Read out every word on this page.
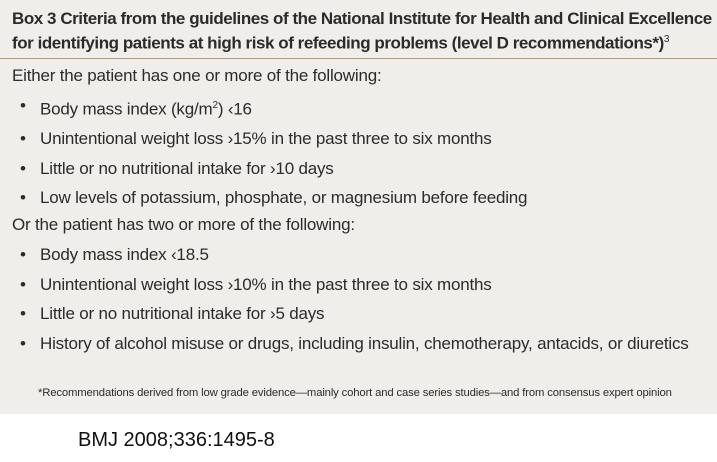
Box 3 Criteria from the guidelines of the National Institute for Health and Clinical Excellence for identifying patients at high risk of refeeding problems (level D recommendations*)$^3$
Either the patient has one or more of the following:
• Body mass index $(kg/m^2)$ ‹16
• Unintentional weight loss ›15% in the past three to six months
• Little or no nutritional intake for ›10 days
• Low levels of potassium, phosphate, or magnesium before feeding
Or the patient has two or more of the following:
• Body mass index ‹18.5
• Unintentional weight loss ›10% in the past three to six months
• Little or no nutritional intake for ›5 days
• History of alcohol misuse or drugs, including insulin, chemotherapy, antacids, or diuretics
*Recommendations derived from low grade evidence—mainly cohort and case series studies—and from consensus expert opinion
BMJ 2008;336:1495-8
